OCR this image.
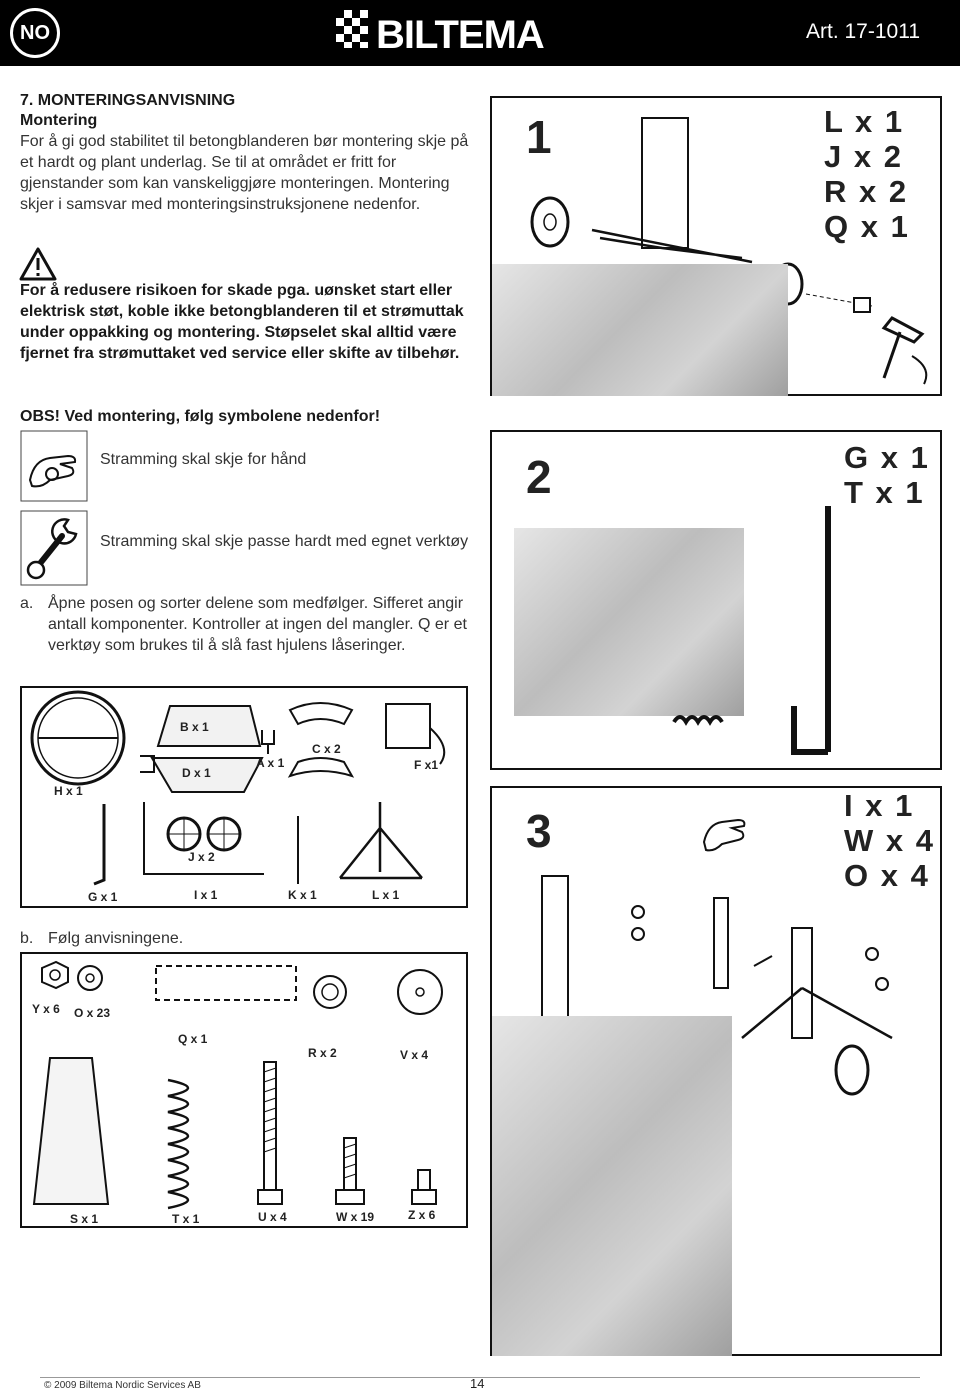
NO	BILTEMA	Art. 17-1011
7. MONTERINGSANVISNING
Montering
For å gi god stabilitet til betongblanderen bør montering skje på et hardt og plant underlag. Se til at området er fritt for gjenstander som kan vanskeliggjøre monteringen. Montering skjer i samsvar med monteringsinstruksjonene nedenfor.
For å redusere risikoen for skade pga. uønsket start eller elektrisk støt, koble ikke betongblanderen til et strømuttak under oppakking og montering. Støpselet skal alltid være fjernet fra strømuttaket ved service eller skifte av tilbehør.
OBS! Ved montering, følg symbolene nedenfor!
Stramming skal skje for hånd
Stramming skal skje passe hardt med egnet verktøy
a. Åpne posen og sorter delene som medfølger. Sifferet angir antall komponenter. Kontroller at ingen del mangler. Q er et verktøy som brukes til å slå fast hjulens låseringer.
B x 1
C x 2
A x 1
D x 1
F x1
H x 1
J x 2
G x 1	I x 1	K x 1	L x 1
b. Følg anvisningene.
Y x 6 O x 23
Q x 1
R x 2	V x 4
S x 1	T x 1	U x 4	W x 19	Z x 6
1	L x 1
J x 2
R x 2
Q x 1
2	G x 1
T x 1
3	I x 1
W x 4
O x 4
© 2009 Biltema Nordic Services AB	14
